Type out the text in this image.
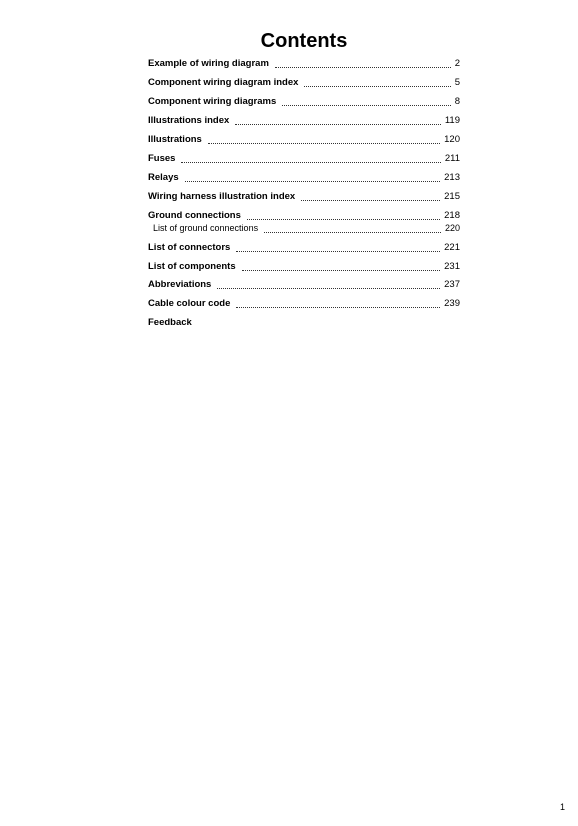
Contents
Example of wiring diagram	2
Component wiring diagram index	5
Component wiring diagrams	8
Illustrations index	119
Illustrations	120
Fuses	211
Relays	213
Wiring harness illustration index	215
Ground connections	218
List of ground connections	220
List of connectors	221
List of components	231
Abbreviations	237
Cable colour code	239
Feedback
1
